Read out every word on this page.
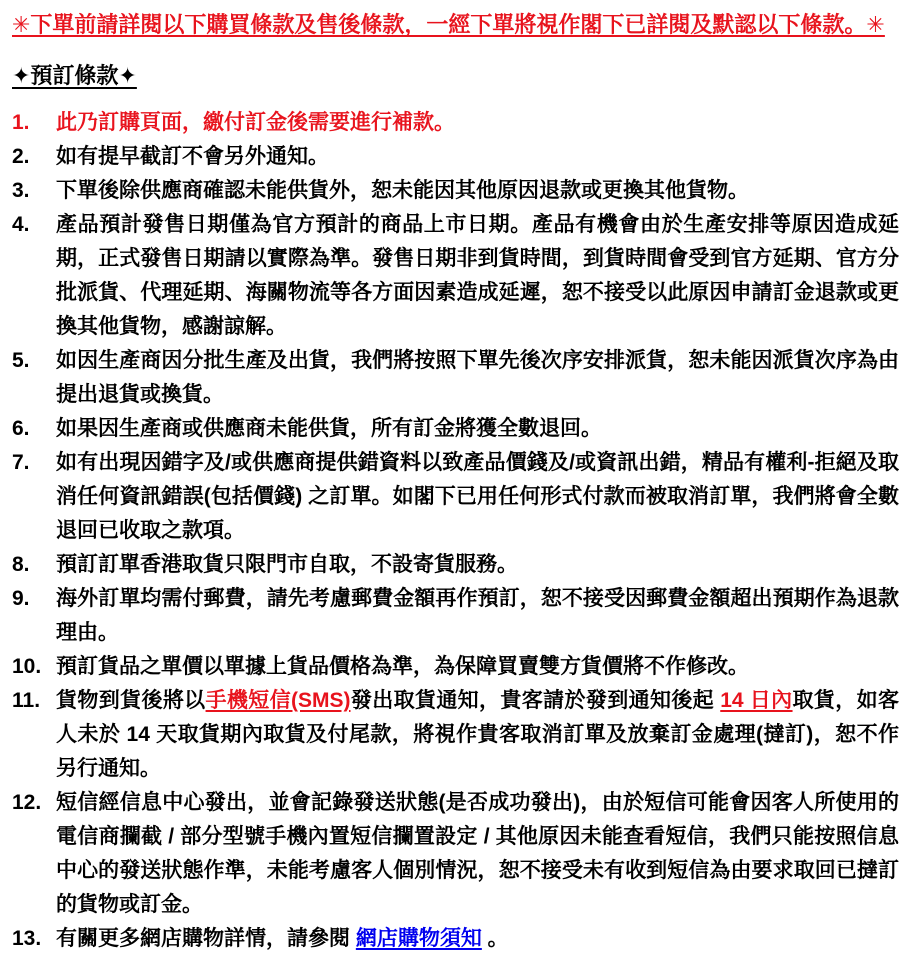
✳下單前請詳閱以下購買條款及售後條款，一經下單將視作閣下已詳閱及默認以下條款。✳

✦預訂條款✦
1.	此乃訂購頁面，繳付訂金後需要進行補款。

2.	如有提早截訂不會另外通知。

3.	下單後除供應商確認未能供貨外，恕未能因其他原因退款或更換其他貨物。

4.	產品預計發售日期僅為官方預計的商品上市日期。產品有機會由於生產安排等原因造成延期，正式發售日期請以實際為準。發售日期非到貨時間，到貨時間會受到官方延期、官方分批派貨、代理延期、海關物流等各方面因素造成延遲，恕不接受以此原因申請訂金退款或更換其他貨物，感謝諒解。

5.	如因生產商因分批生產及出貨，我們將按照下單先後次序安排派貨，恕未能因派貨次序為由提出退貨或換貨。

6.	如果因生產商或供應商未能供貨，所有訂金將獲全數退回。

7.	如有出現因錯字及/或供應商提供錯資料以致產品價錢及/或資訊出錯，精品有權利-拒絕及取消任何資訊錯誤(包括價錢) 之訂單。如閣下已用任何形式付款而被取消訂單，我們將會全數退回已收取之款項。

8.	預訂訂單香港取貨只限門市自取，不設寄貨服務。

9.	海外訂單均需付郵費，請先考慮郵費金額再作預訂，恕不接受因郵費金額超出預期作為退款理由。

10. 預訂貨品之單價以單據上貨品價格為準，為保障買賣雙方貨價將不作修改。

11. 貨物到貨後將以手機短信(SMS)發出取貨通知，貴客請於發到通知後起 14 日內取貨，如客人未於 14 天取貨期內取貨及付尾款，將視作貴客取消訂單及放棄訂金處理(撻訂)，恕不作另行通知。

12. 短信經信息中心發出，並會記錄發送狀態(是否成功發出)，由於短信可能會因客人所使用的電信商攔截 / 部分型號手機內置短信攔置設定 / 其他原因未能查看短信，我們只能按照信息中心的發送狀態作準，未能考慮客人個別情況，恕不接受未有收到短信為由要求取回已撻訂的貨物或訂金。

13. 有關更多網店購物詳情，請參閱 網店購物須知 。
